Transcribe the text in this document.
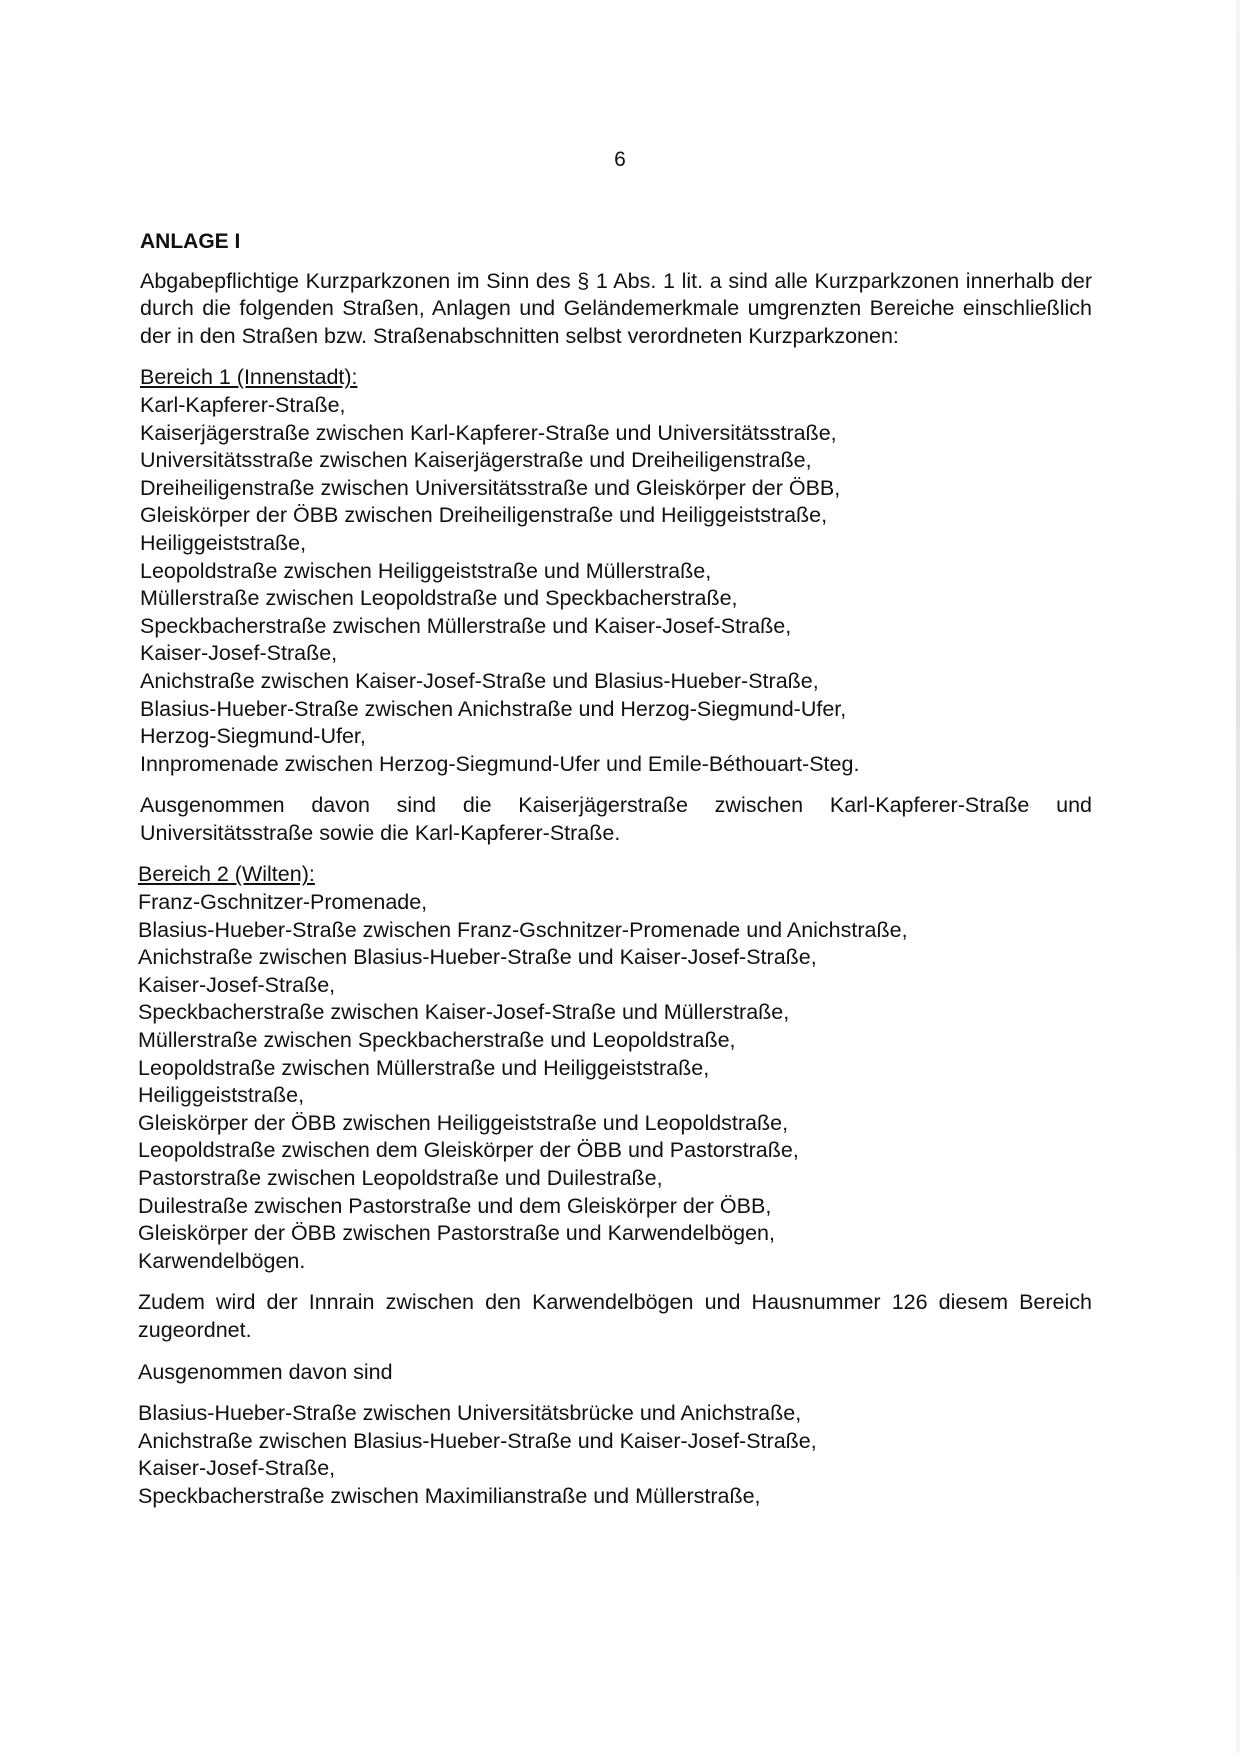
6
ANLAGE I
Abgabepflichtige Kurzparkzonen im Sinn des § 1 Abs. 1 lit. a sind alle Kurzparkzonen innerhalb der durch die folgenden Straßen, Anlagen und Geländemerkmale umgrenzten Bereiche einschließlich der in den Straßen bzw. Straßenabschnitten selbst verordneten Kurzparkzonen:
Bereich 1 (Innenstadt):
Karl-Kapferer-Straße,
Kaiserjägerstraße zwischen Karl-Kapferer-Straße und Universitätsstraße,
Universitätsstraße zwischen Kaiserjägerstraße und Dreiheiligenstraße,
Dreiheiligenstraße zwischen Universitätsstraße und Gleiskörper der ÖBB,
Gleiskörper der ÖBB zwischen Dreiheiligenstraße und Heiliggeiststraße,
Heiliggeiststraße,
Leopoldstraße zwischen Heiliggeiststraße und Müllerstraße,
Müllerstraße zwischen Leopoldstraße und Speckbacherstraße,
Speckbacherstraße zwischen Müllerstraße und Kaiser-Josef-Straße,
Kaiser-Josef-Straße,
Anichstraße zwischen Kaiser-Josef-Straße und Blasius-Hueber-Straße,
Blasius-Hueber-Straße zwischen Anichstraße und Herzog-Siegmund-Ufer,
Herzog-Siegmund-Ufer,
Innpromenade zwischen Herzog-Siegmund-Ufer und Emile-Béthouart-Steg.
Ausgenommen davon sind die Kaiserjägerstraße zwischen Karl-Kapferer-Straße und Universitätsstraße sowie die Karl-Kapferer-Straße.
Bereich 2 (Wilten):
Franz-Gschnitzer-Promenade,
Blasius-Hueber-Straße zwischen Franz-Gschnitzer-Promenade und Anichstraße,
Anichstraße zwischen Blasius-Hueber-Straße und Kaiser-Josef-Straße,
Kaiser-Josef-Straße,
Speckbacherstraße zwischen Kaiser-Josef-Straße und Müllerstraße,
Müllerstraße zwischen Speckbacherstraße und Leopoldstraße,
Leopoldstraße zwischen Müllerstraße und Heiliggeiststraße,
Heiliggeiststraße,
Gleiskörper der ÖBB zwischen Heiliggeiststraße und Leopoldstraße,
Leopoldstraße zwischen dem Gleiskörper der ÖBB und Pastorstraße,
Pastorstraße zwischen Leopoldstraße und Duilestraße,
Duilestraße zwischen Pastorstraße und dem Gleiskörper der ÖBB,
Gleiskörper der ÖBB zwischen Pastorstraße und Karwendelbögen,
Karwendelbögen.
Zudem wird der Innrain zwischen den Karwendelbögen und Hausnummer 126 diesem Bereich zugeordnet.
Ausgenommen davon sind
Blasius-Hueber-Straße zwischen Universitätsbrücke und Anichstraße,
Anichstraße zwischen Blasius-Hueber-Straße und Kaiser-Josef-Straße,
Kaiser-Josef-Straße,
Speckbacherstraße zwischen Maximilianstraße und Müllerstraße,
